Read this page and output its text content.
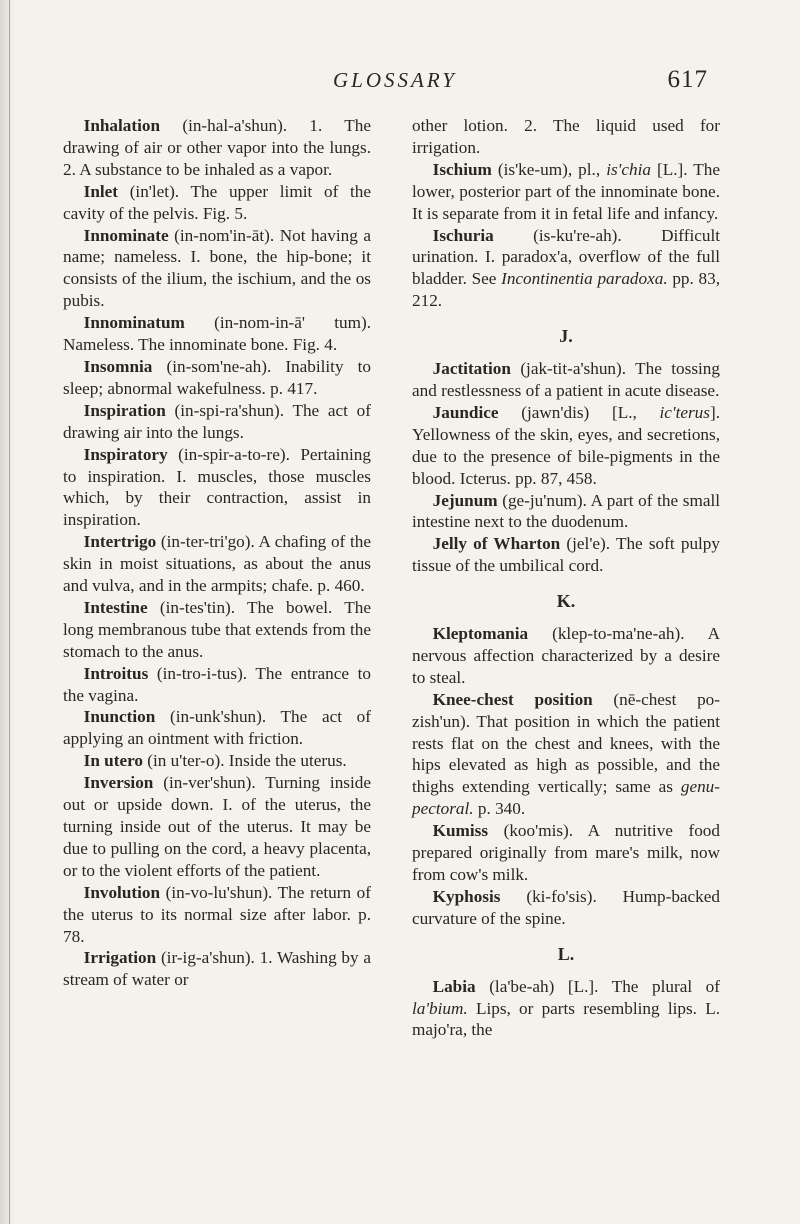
GLOSSARY	617

Inhalation (in-hal-a'shun). 1. The drawing of air or other vapor into the lungs. 2. A substance to be inhaled as a vapor.

Inlet (in'let). The upper limit of the cavity of the pelvis. Fig. 5.

Innominate (in-nom'in-āt). Not having a name; nameless. I. bone, the hip-bone; it consists of the ilium, the ischium, and the os pubis.

Innominatum (in-nom-in-ā' tum). Nameless. The innominate bone. Fig. 4.

Insomnia (in-som'ne-ah). Inability to sleep; abnormal wakefulness. p. 417.

Inspiration (in-spi-ra'shun). The act of drawing air into the lungs.

Inspiratory (in-spir-a-to-re). Pertaining to inspiration. I. muscles, those muscles which, by their contraction, assist in inspiration.

Intertrigo (in-ter-tri'go). A chafing of the skin in moist situations, as about the anus and vulva, and in the armpits; chafe. p. 460.

Intestine (in-tes'tin). The bowel. The long membranous tube that extends from the stomach to the anus.

Introitus (in-tro-i-tus). The entrance to the vagina.

Inunction (in-unk'shun). The act of applying an ointment with friction.

In utero (in u'ter-o). Inside the uterus.

Inversion (in-ver'shun). Turning inside out or upside down. I. of the uterus, the turning inside out of the uterus. It may be due to pulling on the cord, a heavy placenta, or to the violent efforts of the patient.

Involution (in-vo-lu'shun). The return of the uterus to its normal size after labor. p. 78.

Irrigation (ir-ig-a'shun). 1. Washing by a stream of water or

other lotion. 2. The liquid used for irrigation.

Ischium (is'ke-um), pl., is'chia [L.]. The lower, posterior part of the innominate bone. It is separate from it in fetal life and infancy.

Ischuria (is-ku're-ah). Difficult urination. I. paradox'a, overflow of the full bladder. See Incontinentia paradoxa. pp. 83, 212.

J.

Jactitation (jak-tit-a'shun). The tossing and restlessness of a patient in acute disease.

Jaundice (jawn'dis) [L., ic'terus]. Yellowness of the skin, eyes, and secretions, due to the presence of bile-pigments in the blood. Icterus. pp. 87, 458.

Jejunum (ge-ju'num). A part of the small intestine next to the duodenum.

Jelly of Wharton (jel'e). The soft pulpy tissue of the umbilical cord.

K.

Kleptomania (klep-to-ma'ne-ah). A nervous affection characterized by a desire to steal.

Knee-chest position (nē-chest po-zish'un). That position in which the patient rests flat on the chest and knees, with the hips elevated as high as possible, and the thighs extending vertically; same as genu-pectoral. p. 340.

Kumiss (koo'mis). A nutritive food prepared originally from mare's milk, now from cow's milk.

Kyphosis (ki-fo'sis). Hump-backed curvature of the spine.

L.

Labia (la'be-ah) [L.]. The plural of la'bium. Lips, or parts resembling lips. L. majo'ra, the
